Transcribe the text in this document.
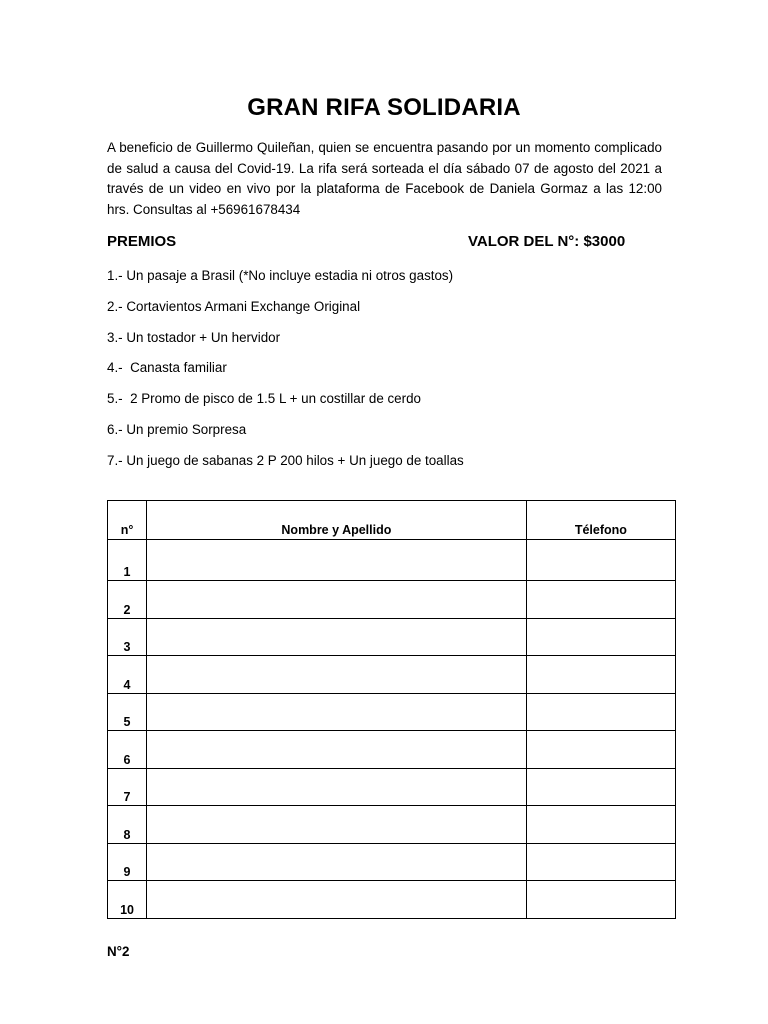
GRAN RIFA SOLIDARIA
A beneficio de Guillermo Quileñan, quien se encuentra pasando por un momento complicado de salud a causa del Covid-19. La rifa será sorteada el día sábado 07 de agosto del 2021 a través de un video en vivo por la plataforma de Facebook de Daniela Gormaz a las 12:00 hrs. Consultas al +56961678434
PREMIOS	VALOR DEL N°: $3000
1.- Un pasaje a Brasil (*No incluye estadia ni otros gastos)
2.- Cortavientos Armani Exchange Original
3.- Un tostador + Un hervidor
4.-  Canasta familiar
5.-  2 Promo de pisco de 1.5 L + un costillar de cerdo
6.- Un premio Sorpresa
7.- Un juego de sabanas 2 P 200 hilos + Un juego de toallas
n°	Nombre y Apellido	Télefono
1		
2		
3		
4		
5		
6		
7		
8		
9		
10		
N°2
